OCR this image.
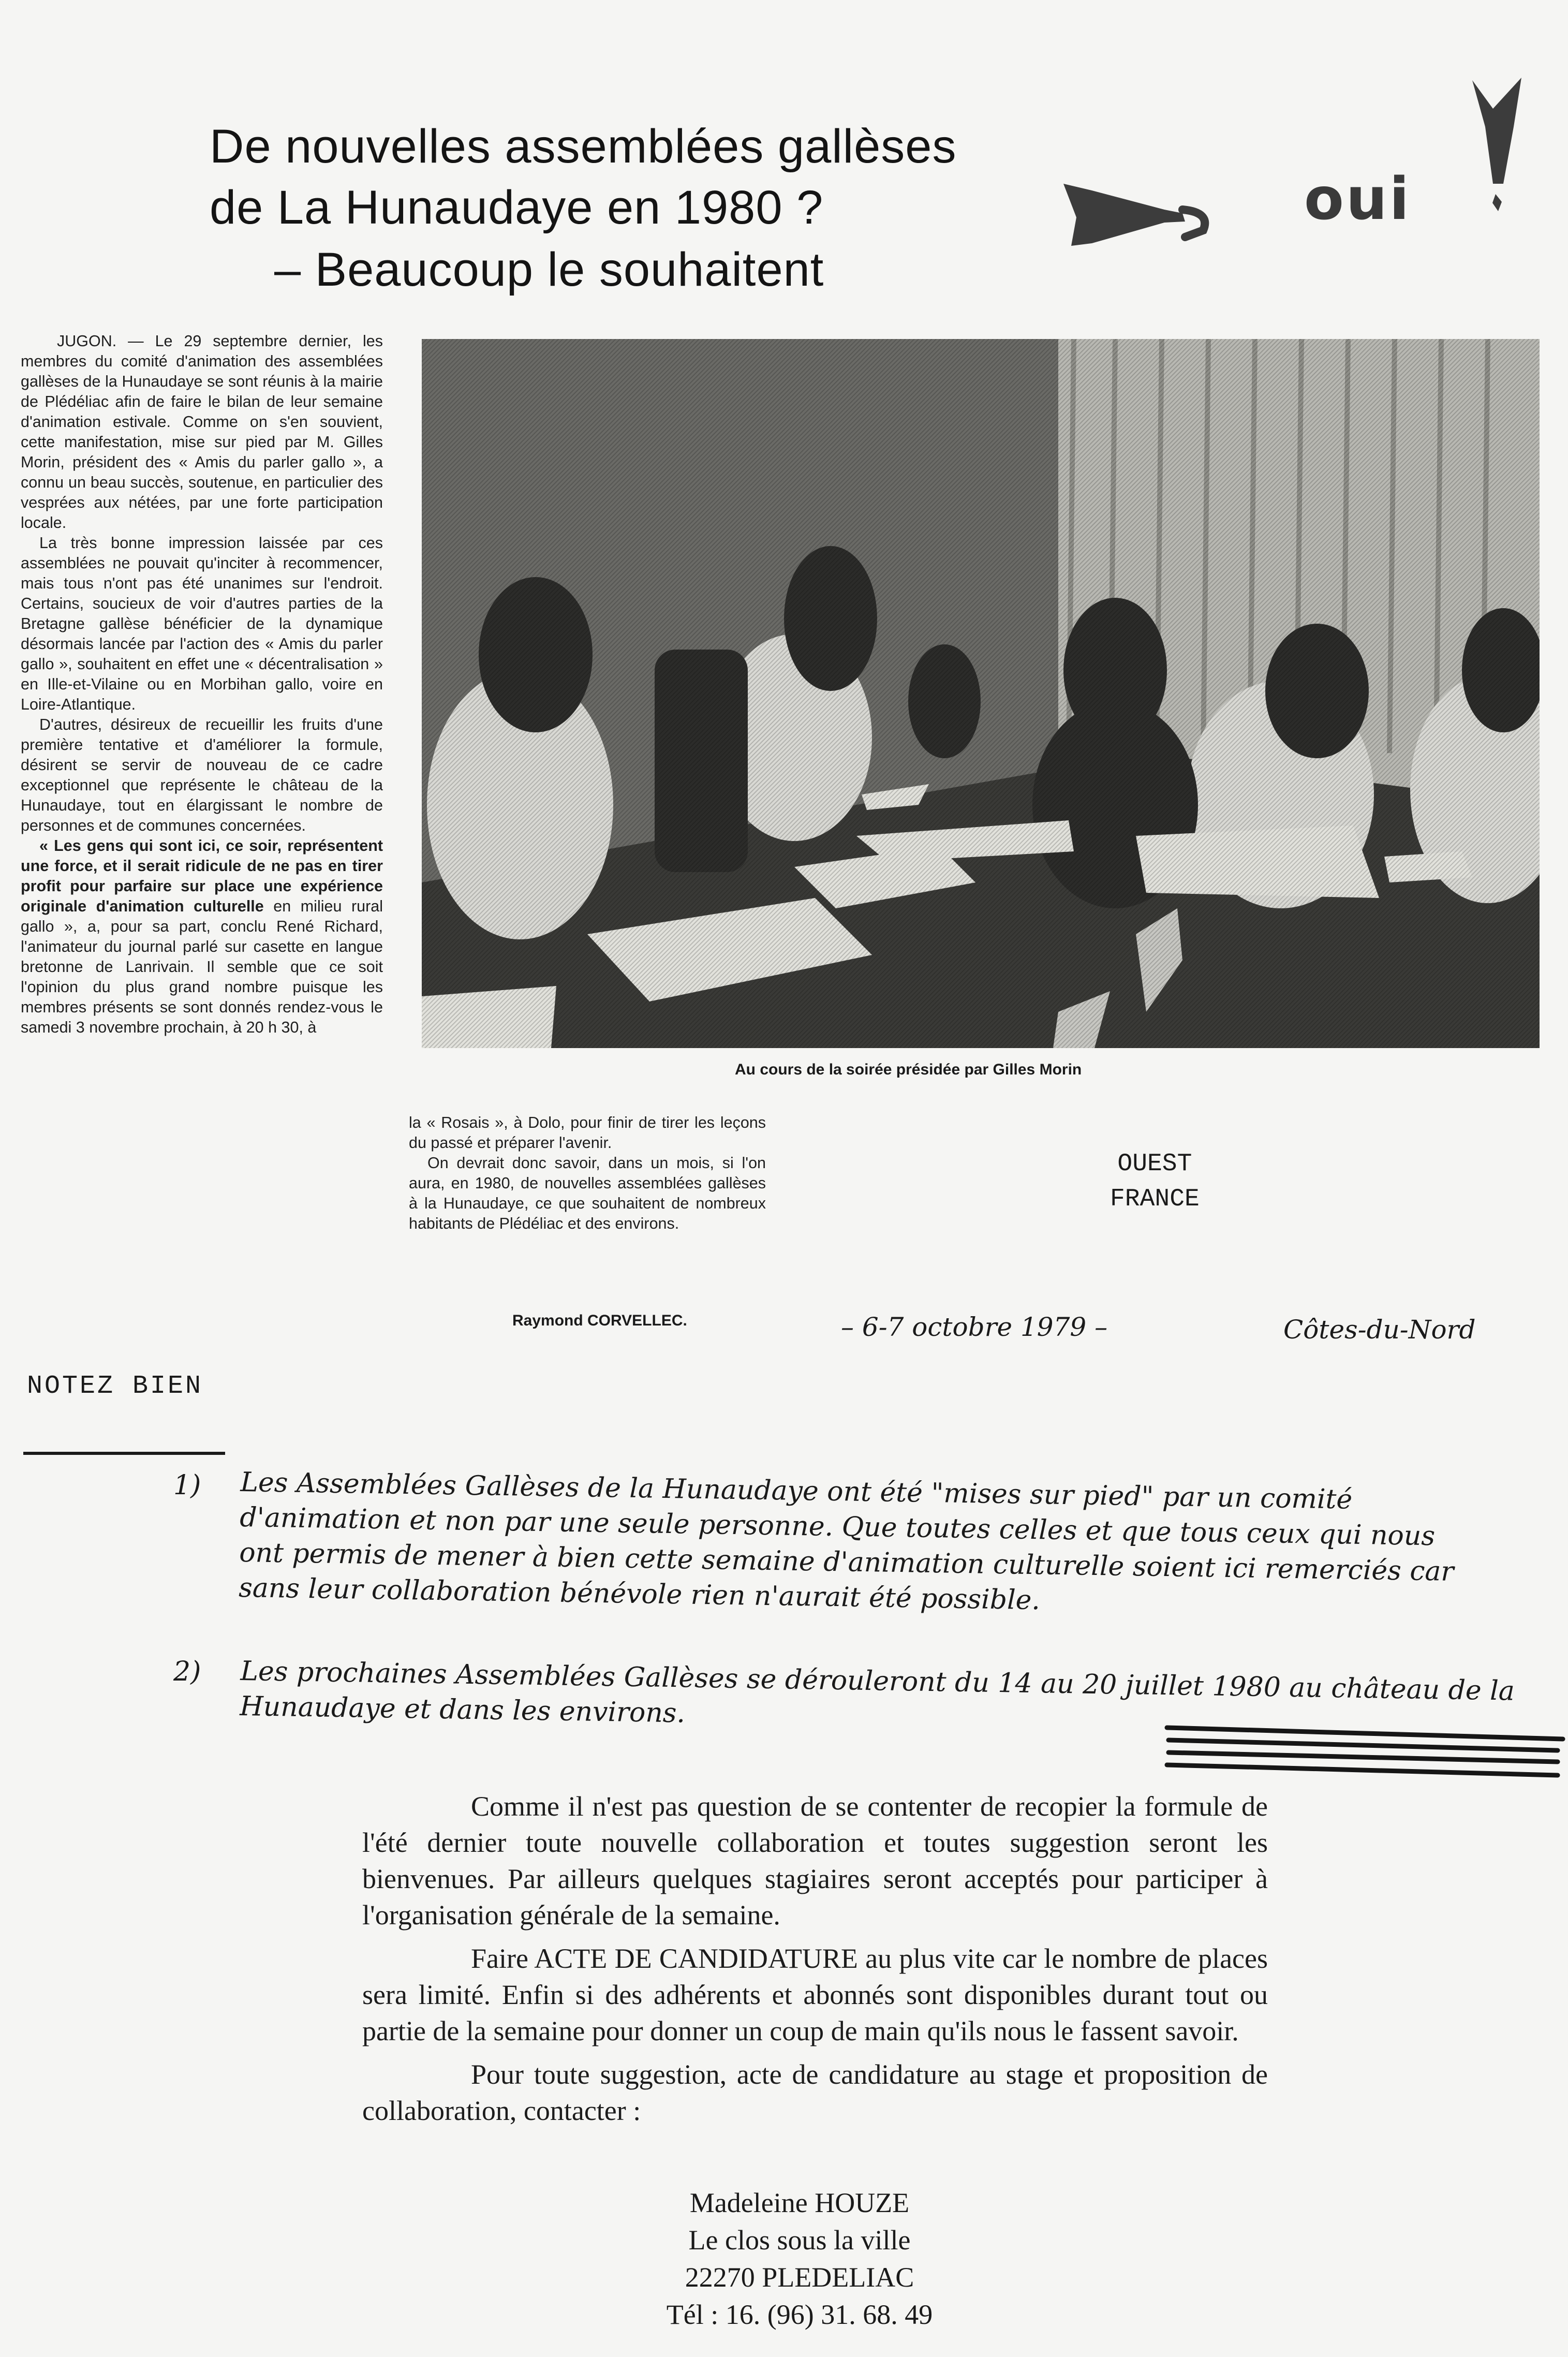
De nouvelles assemblées gallèses
de La Hunaudaye en 1980 ?
– Beaucoup le souhaitent
oui

JUGON. — Le 29 septembre dernier, les membres du comité d'animation des assemblées gallèses de la Hunaudaye se sont réunis à la mairie de Plédéliac afin de faire le bilan de leur semaine d'animation estivale. Comme on s'en souvient, cette manifestation, mise sur pied par M. Gilles Morin, président des « Amis du parler gallo », a connu un beau succès, soutenue, en particulier des vesprées aux nétées, par une forte participation locale.

La très bonne impression laissée par ces assemblées ne pouvait qu'inciter à recommencer, mais tous n'ont pas été unanimes sur l'endroit. Certains, soucieux de voir d'autres parties de la Bretagne gallèse bénéficier de la dynamique désormais lancée par l'action des « Amis du parler gallo », souhaitent en effet une « décentralisation » en Ille-et-Vilaine ou en Morbihan gallo, voire en Loire-Atlantique.

D'autres, désireux de recueillir les fruits d'une première tentative et d'améliorer la formule, désirent se servir de nouveau de ce cadre exceptionnel que représente le château de la Hunaudaye, tout en élargissant le nombre de personnes et de communes concernées.

« Les gens qui sont ici, ce soir, représentent une force, et il serait ridicule de ne pas en tirer profit pour parfaire sur place une expérience originale d'animation culturelle en milieu rural gallo », a, pour sa part, conclu René Richard, l'animateur du journal parlé sur casette en langue bretonne de Lanrivain. Il semble que ce soit l'opinion du plus grand nombre puisque les membres présents se sont donnés rendez-vous le samedi 3 novembre prochain, à 20 h 30, à

Au cours de la soirée présidée par Gilles Morin

la « Rosais », à Dolo, pour finir de tirer les leçons du passé et préparer l'avenir.

On devrait donc savoir, dans un mois, si l'on aura, en 1980, de nouvelles assemblées gallèses à la Hunaudaye, ce que souhaitent de nombreux habitants de Plédéliac et des environs.

Raymond CORVELLEC.
OUEST
FRANCE
– 6-7 octobre 1979 –	Côtes-du-Nord
NOTEZ BIEN
1) Les Assemblées Gallèses de la Hunaudaye ont été "mises sur pied" par un comité d'animation et non par une seule personne. Que toutes celles et que tous ceux qui nous ont permis de mener à bien cette semaine d'animation culturelle soient ici remerciés car sans leur collaboration bénévole rien n'aurait été possible.
2) Les prochaines Assemblées Gallèses se dérouleront du 14 au 20 juillet 1980 au château de la Hunaudaye et dans les environs.

Comme il n'est pas question de se contenter de recopier la formule de l'été dernier toute nouvelle collaboration et toutes suggestion seront les bienvenues. Par ailleurs quelques stagiaires seront acceptés pour participer à l'organisation générale de la semaine.

Faire ACTE DE CANDIDATURE au plus vite car le nombre de places sera limité. Enfin si des adhérents et abonnés sont disponibles durant tout ou partie de la semaine pour donner un coup de main qu'ils nous le fassent savoir.

Pour toute suggestion, acte de candidature au stage et proposition de collaboration, contacter :

Madeleine HOUZE
Le clos sous la ville
22270 PLEDELIAC
Tél : 16. (96) 31. 68. 49
